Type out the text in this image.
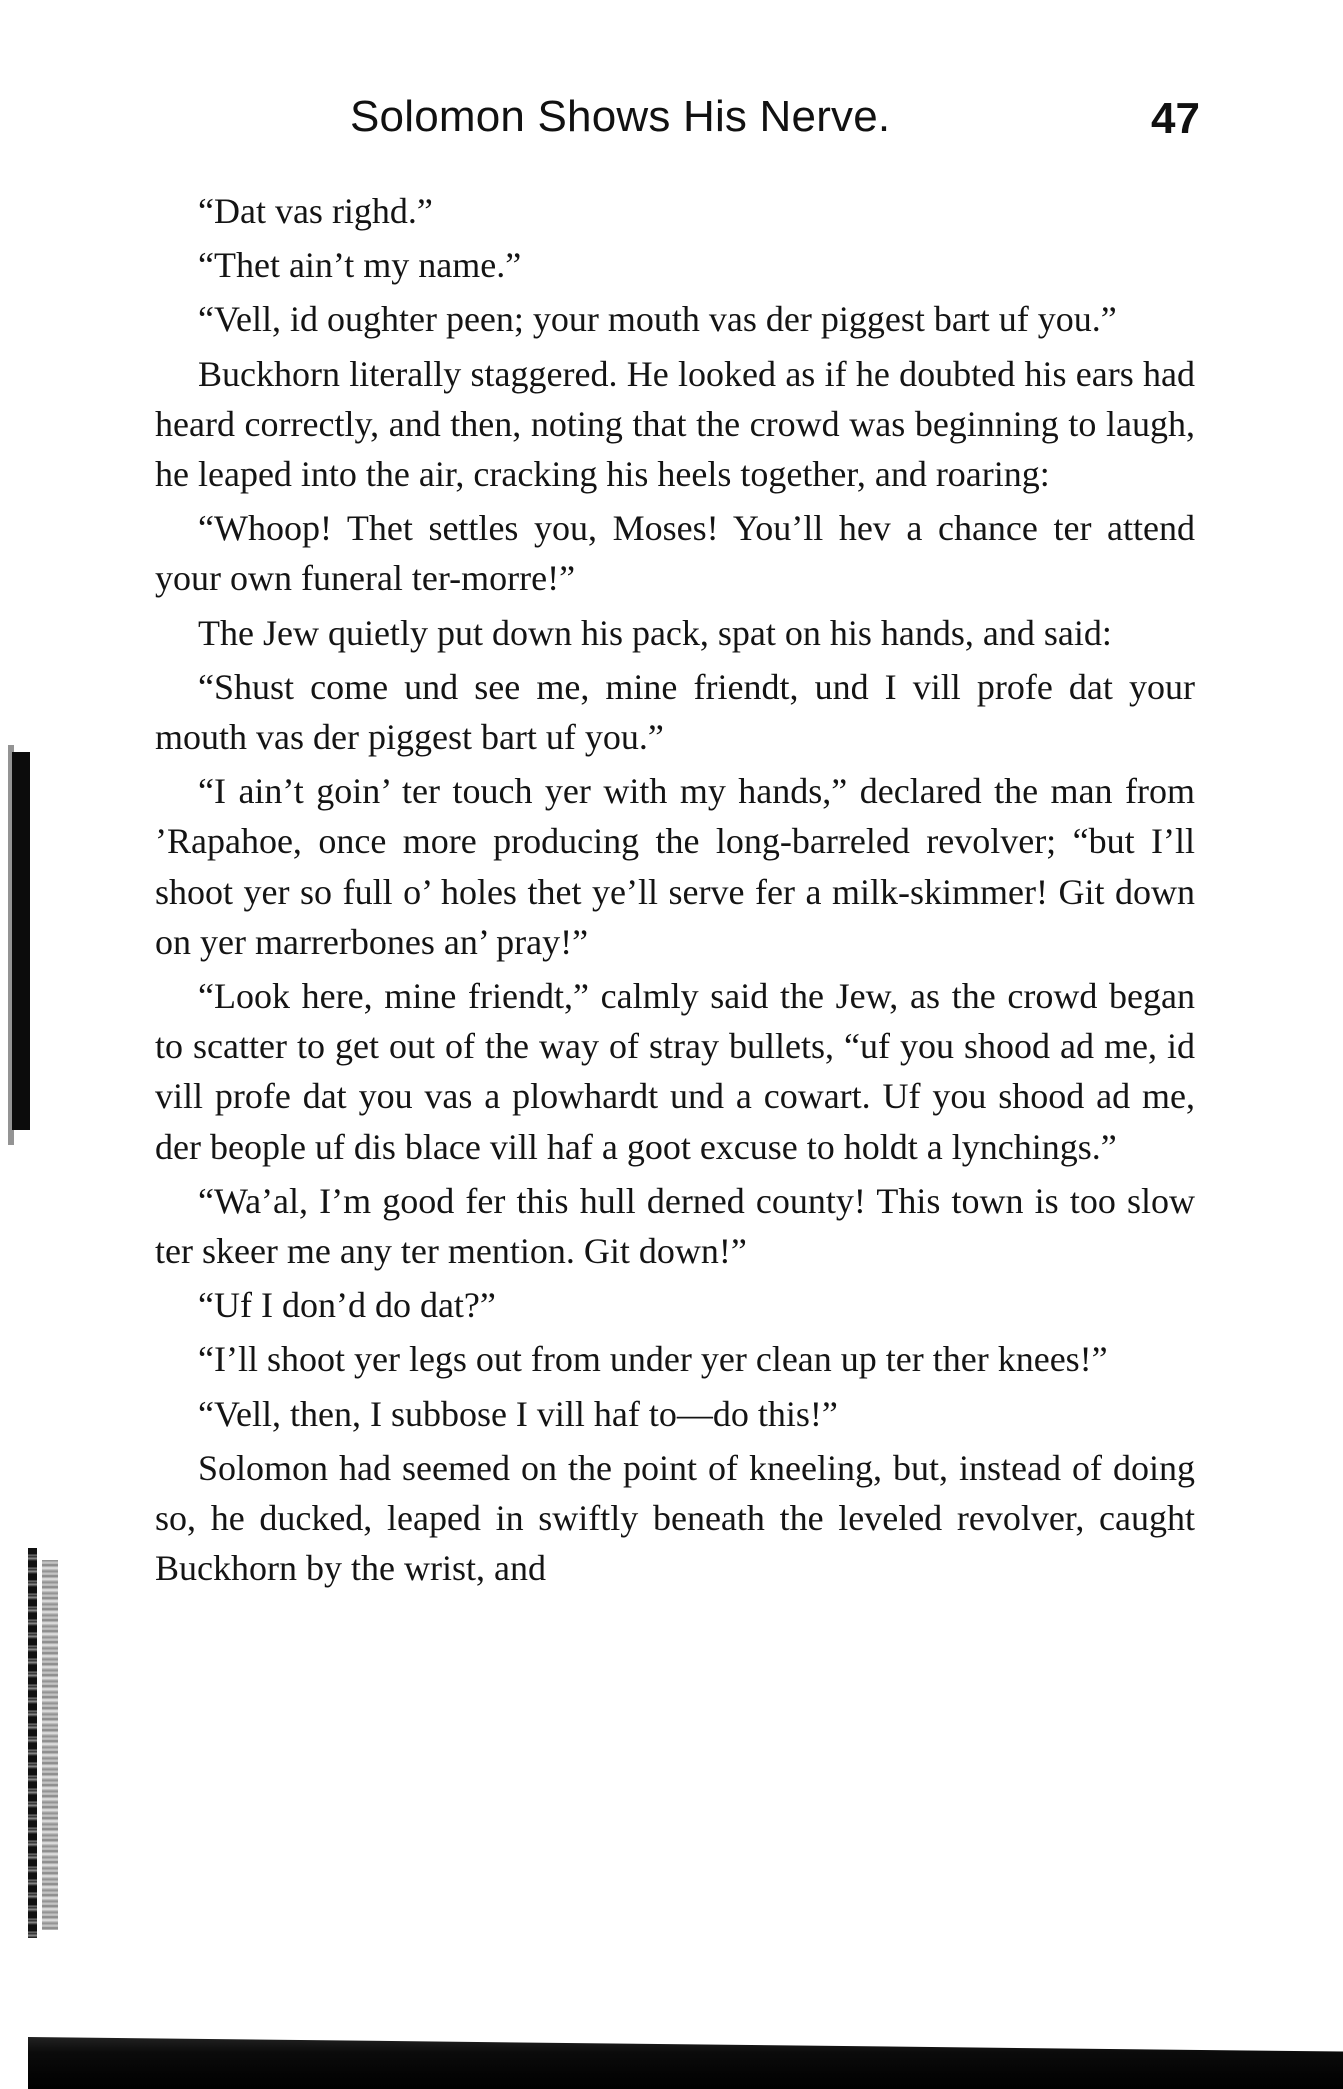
Solomon Shows His Nerve.	47

“Dat vas righd.”

“Thet ain’t my name.”

“Vell, id oughter peen; your mouth vas der piggest bart uf you.”

Buckhorn literally staggered. He looked as if he doubted his ears had heard correctly, and then, noting that the crowd was beginning to laugh, he leaped into the air, cracking his heels together, and roaring:

“Whoop! Thet settles you, Moses! You’ll hev a chance ter attend your own funeral ter-morre!”

The Jew quietly put down his pack, spat on his hands, and said:

“Shust come und see me, mine friendt, und I vill profe dat your mouth vas der piggest bart uf you.”

“I ain’t goin’ ter touch yer with my hands,” declared the man from ’Rapahoe, once more producing the long-barreled revolver; “but I’ll shoot yer so full o’ holes thet ye’ll serve fer a milk-skimmer! Git down on yer marrerbones an’ pray!”

“Look here, mine friendt,” calmly said the Jew, as the crowd began to scatter to get out of the way of stray bullets, “uf you shood ad me, id vill profe dat you vas a plowhardt und a cowart. Uf you shood ad me, der beople uf dis blace vill haf a goot excuse to holdt a lynchings.”

“Wa’al, I’m good fer this hull derned county! This town is too slow ter skeer me any ter mention. Git down!”

“Uf I don’d do dat?”

“I’ll shoot yer legs out from under yer clean up ter ther knees!”

“Vell, then, I subbose I vill haf to—do this!”

Solomon had seemed on the point of kneeling, but, instead of doing so, he ducked, leaped in swiftly beneath the leveled revolver, caught Buckhorn by the wrist, and
